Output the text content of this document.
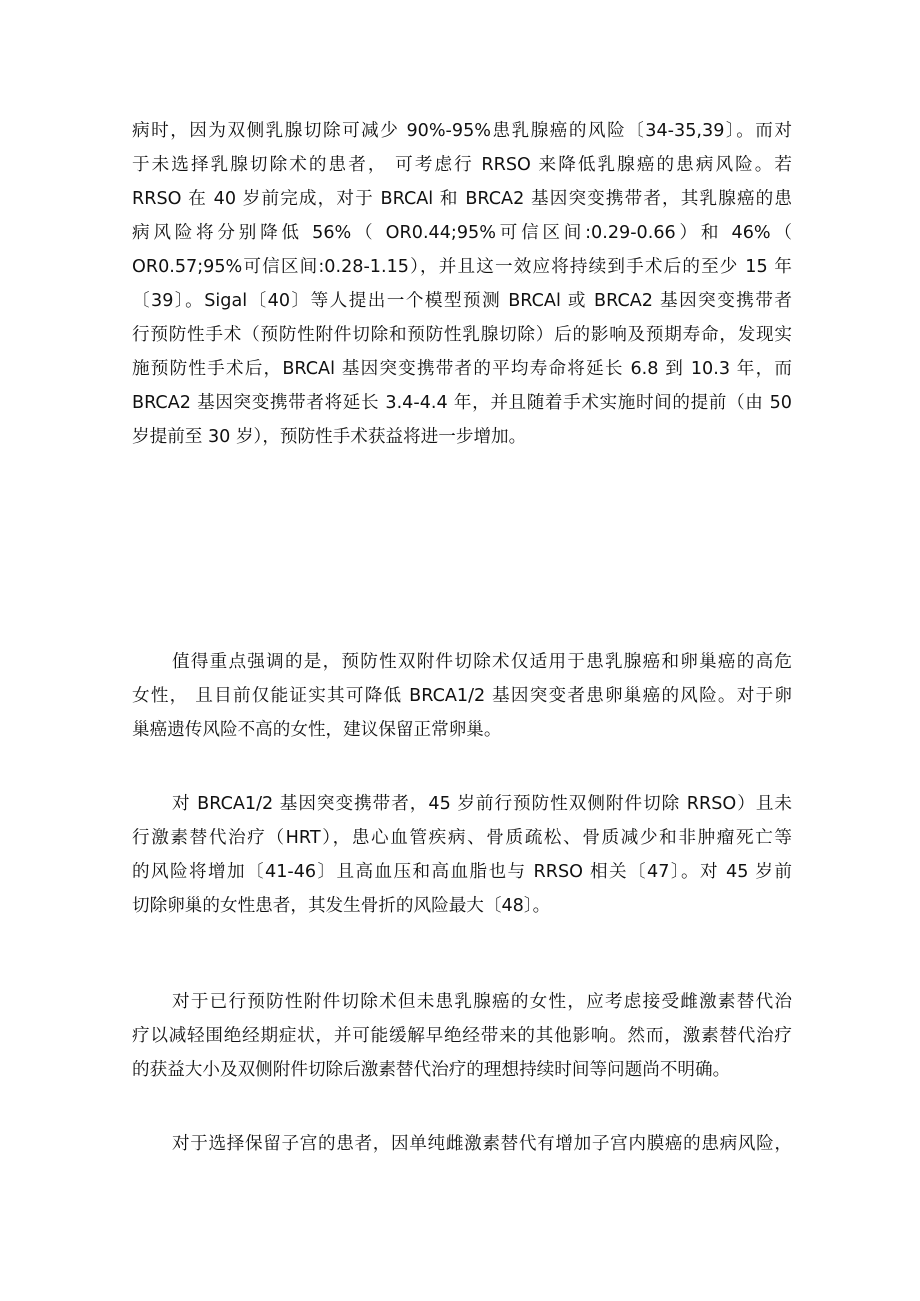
病时，因为双侧乳腺切除可减少 90%-95%患乳腺癌的风险〔34-35,39〕。而对
于未选择乳腺切除术的患者， 可考虑行 RRSO 来降低乳腺癌的患病风险。若
RRSO 在 40 岁前完成，对于 BRCAl 和 BRCA2 基因突变携带者，其乳腺癌的患
病风险将分别降低 56%（ OR0.44;95%可信区间:0.29-0.66）和 46%（
OR0.57;95%可信区间:0.28-1.15），并且这一效应将持续到手术后的至少 15 年
〔39〕。Sigal〔40〕等人提出一个模型预测 BRCAl 或 BRCA2 基因突变携带者
行预防性手术（预防性附件切除和预防性乳腺切除）后的影响及预期寿命，发现实
施预防性手术后，BRCAl 基因突变携带者的平均寿命将延长 6.8 到 10.3 年，而
BRCA2 基因突变携带者将延长 3.4-4.4 年，并且随着手术实施时间的提前（由 50
岁提前至 30 岁），预防性手术获益将进一步增加。
值得重点强调的是，预防性双附件切除术仅适用于患乳腺癌和卵巢癌的高危
女性， 且目前仅能证实其可降低 BRCA1/2 基因突变者患卵巢癌的风险。对于卵
巢癌遗传风险不高的女性，建议保留正常卵巢。
对 BRCA1/2 基因突变携带者，45 岁前行预防性双侧附件切除 RRSO）且未
行激素替代治疗（HRT），患心血管疾病、骨质疏松、骨质减少和非肿瘤死亡等
的风险将增加〔41-46〕且高血压和高血脂也与 RRSO 相关〔47〕。对 45 岁前
切除卵巢的女性患者，其发生骨折的风险最大〔48〕。
对于已行预防性附件切除术但未患乳腺癌的女性，应考虑接受雌激素替代治
疗以减轻围绝经期症状，并可能缓解早绝经带来的其他影响。然而，激素替代治疗
的获益大小及双侧附件切除后激素替代治疗的理想持续时间等问题尚不明确。
对于选择保留子宫的患者，因单纯雌激素替代有增加子宫内膜癌的患病风险，
